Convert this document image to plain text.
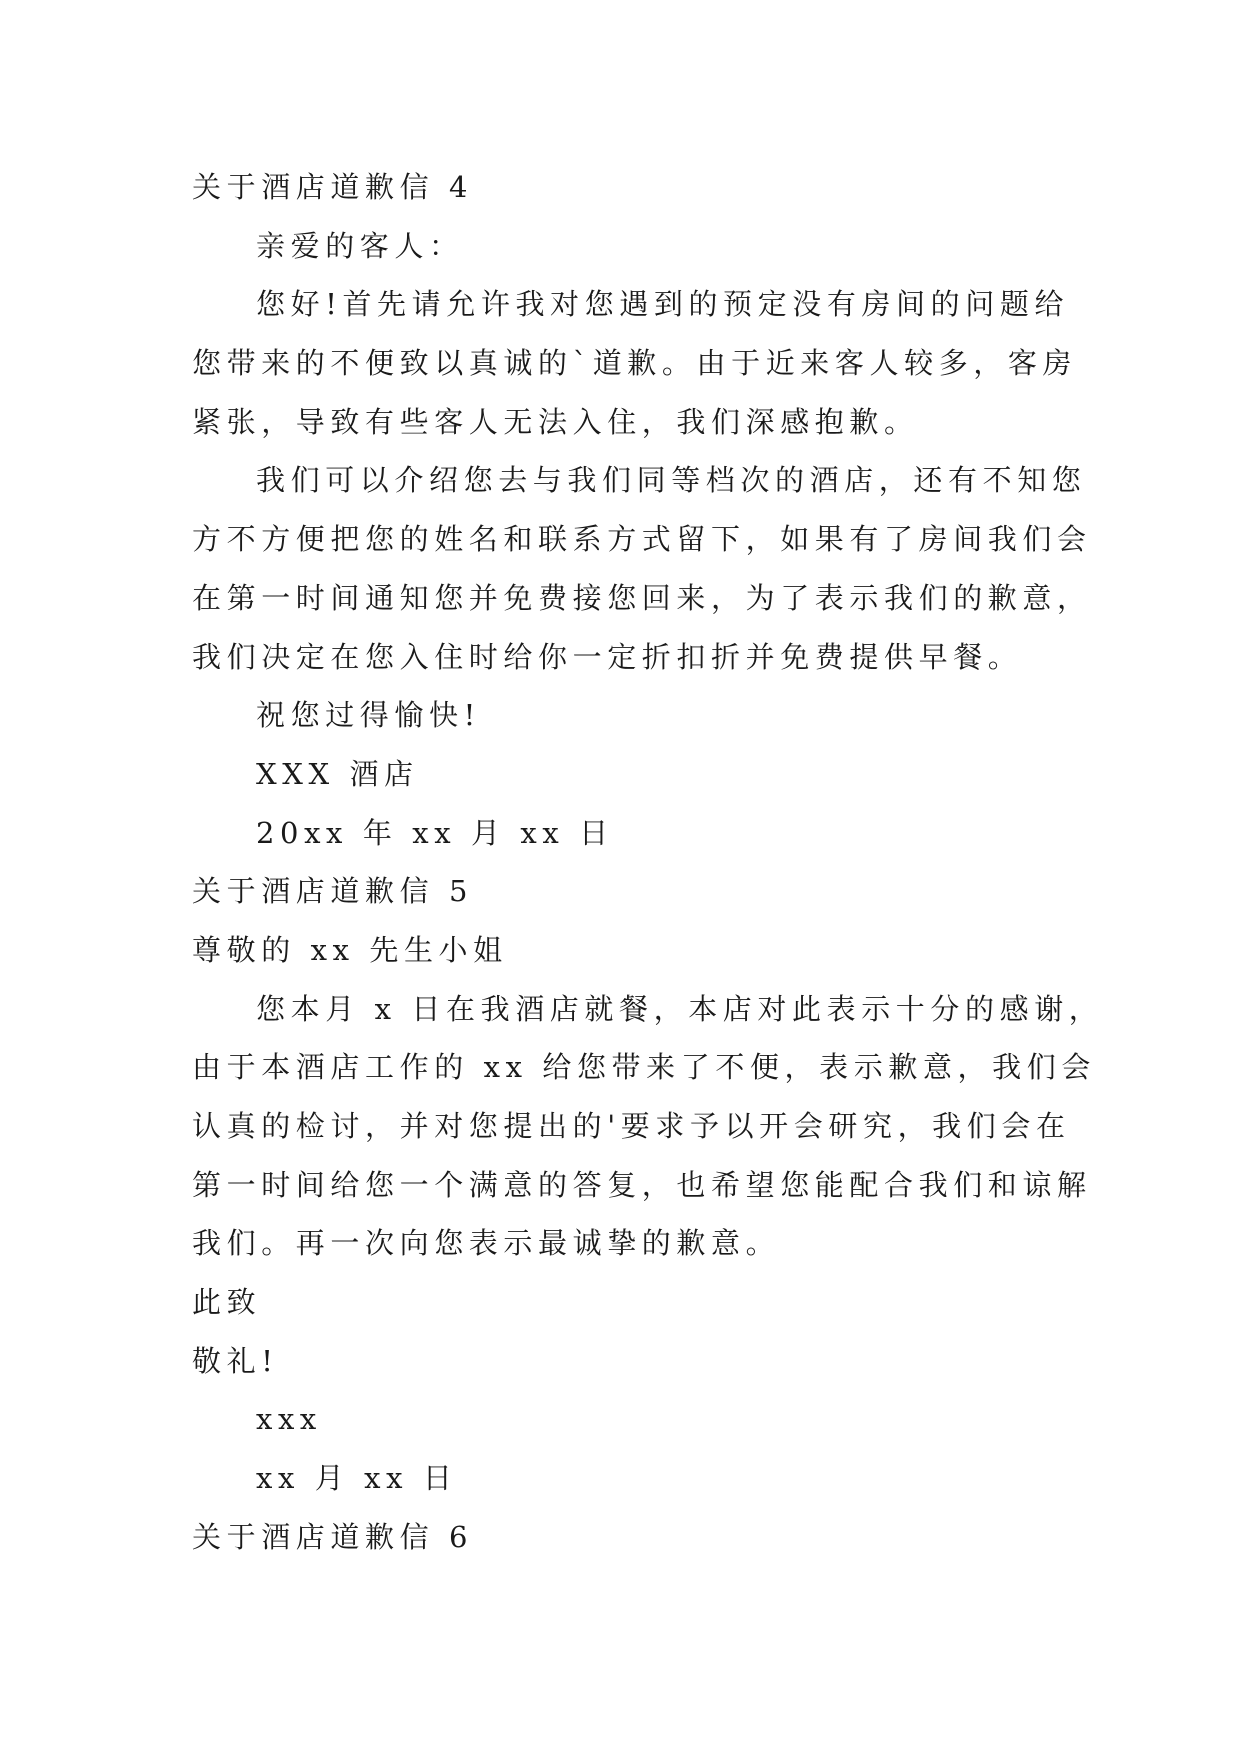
关于酒店道歉信 4
亲爱的客人：
您好!首先请允许我对您遇到的预定没有房间的问题给
您带来的不便致以真诚的`道歉。由于近来客人较多，客房
紧张，导致有些客人无法入住，我们深感抱歉。
我们可以介绍您去与我们同等档次的酒店，还有不知您
方不方便把您的姓名和联系方式留下，如果有了房间我们会
在第一时间通知您并免费接您回来，为了表示我们的歉意，
我们决定在您入住时给你一定折扣折并免费提供早餐。
祝您过得愉快!
XXX 酒店
20xx 年 xx 月 xx 日
关于酒店道歉信 5
尊敬的 xx 先生小姐
您本月 x 日在我酒店就餐，本店对此表示十分的感谢，
由于本酒店工作的 xx 给您带来了不便，表示歉意，我们会
认真的检讨，并对您提出的'要求予以开会研究，我们会在
第一时间给您一个满意的答复，也希望您能配合我们和谅解
我们。再一次向您表示最诚挚的歉意。
此致
敬礼!
xxx
xx 月 xx 日
关于酒店道歉信 6
